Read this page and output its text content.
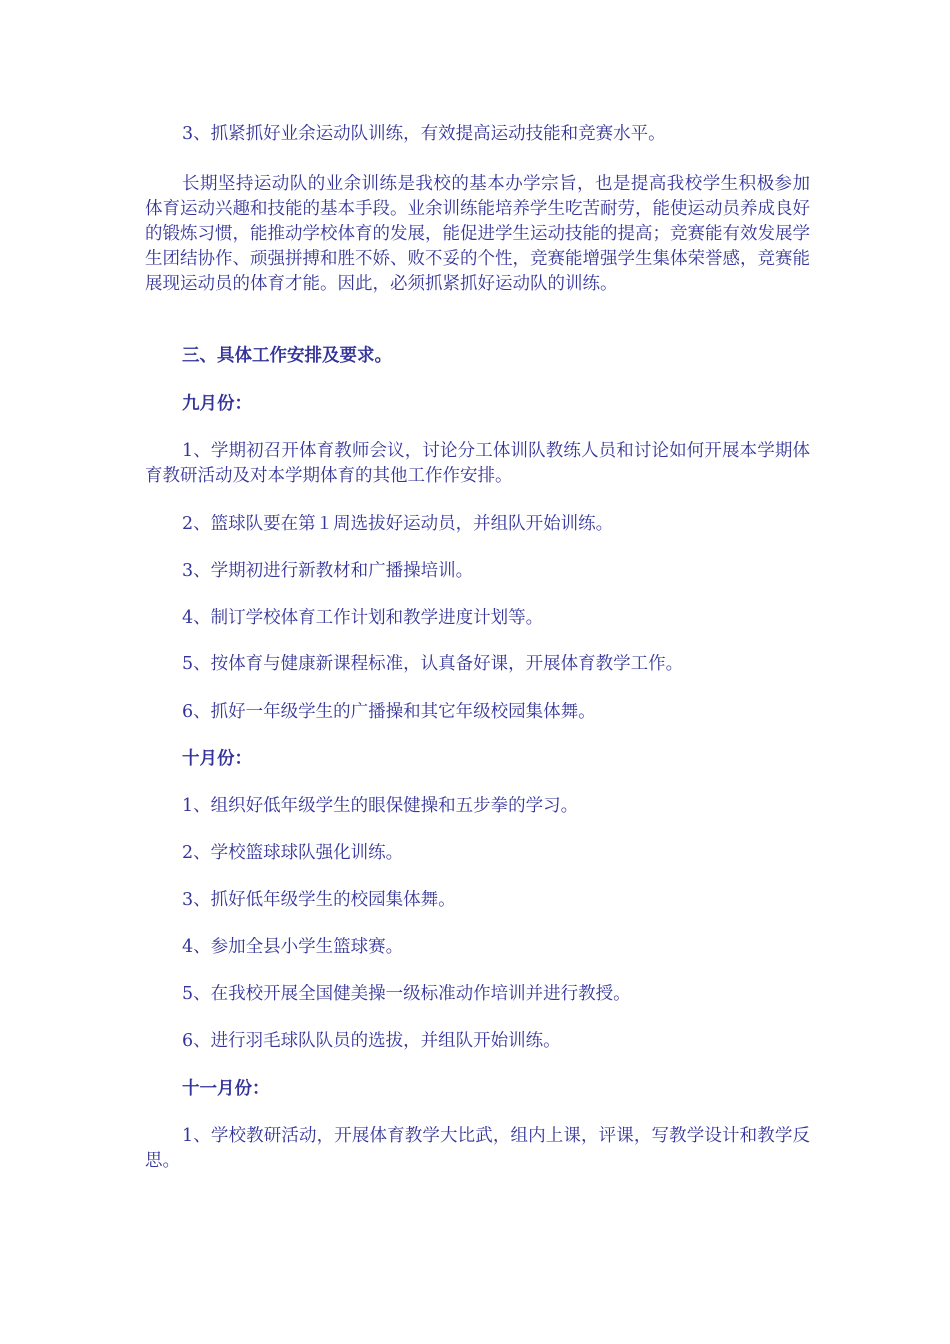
3、抓紧抓好业余运动队训练，有效提高运动技能和竞赛水平。

长期坚持运动队的业余训练是我校的基本办学宗旨，也是提高我校学生积极参加体育运动兴趣和技能的基本手段。业余训练能培养学生吃苦耐劳，能使运动员养成良好的锻炼习惯，能推动学校体育的发展，能促进学生运动技能的提高；竞赛能有效发展学生团结协作、顽强拼搏和胜不娇、败不妥的个性，竞赛能增强学生集体荣誉感，竞赛能展现运动员的体育才能。因此，必须抓紧抓好运动队的训练。

三、具体工作安排及要求。

九月份：

1、学期初召开体育教师会议，讨论分工体训队教练人员和讨论如何开展本学期体育教研活动及对本学期体育的其他工作作安排。

2、篮球队要在第１周选拔好运动员，并组队开始训练。

3、学期初进行新教材和广播操培训。

4、制订学校体育工作计划和教学进度计划等。

5、按体育与健康新课程标准，认真备好课，开展体育教学工作。

6、抓好一年级学生的广播操和其它年级校园集体舞。

十月份：

1、组织好低年级学生的眼保健操和五步拳的学习。

2、学校篮球球队强化训练。

3、抓好低年级学生的校园集体舞。

4、参加全县小学生篮球赛。

5、在我校开展全国健美操一级标准动作培训并进行教授。

6、进行羽毛球队队员的选拔，并组队开始训练。

十一月份：

1、学校教研活动，开展体育教学大比武，组内上课，评课，写教学设计和教学反思。
